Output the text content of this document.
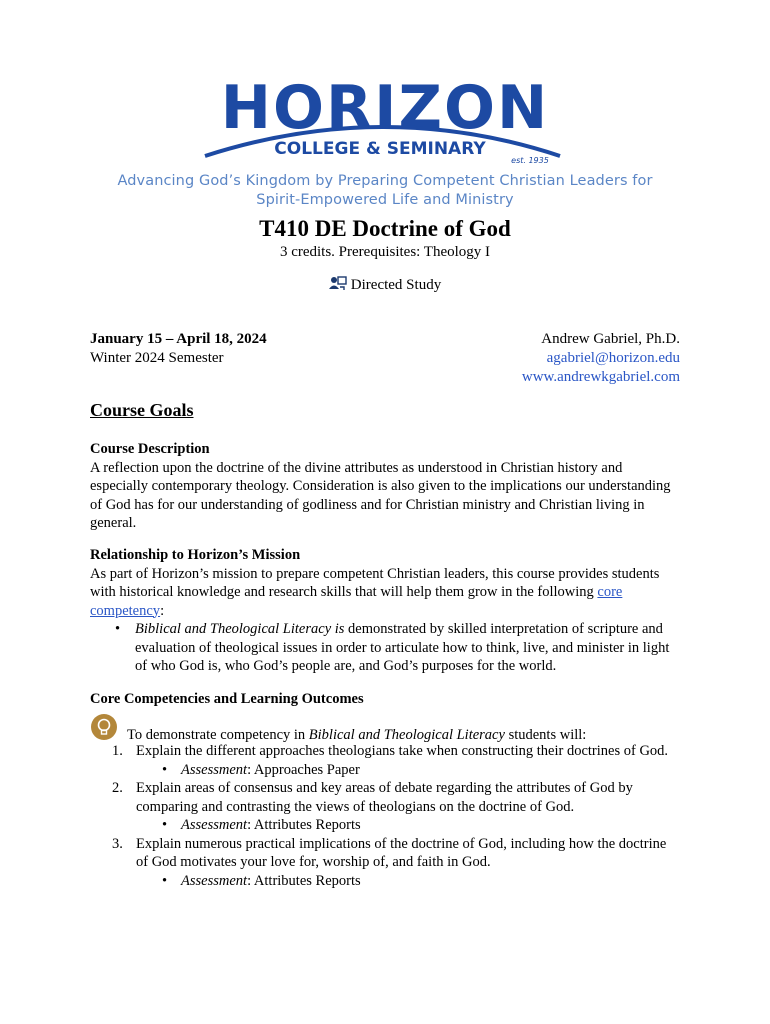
HORIZON
COLLEGE & SEMINARY
est. 1935
Advancing God’s Kingdom by Preparing Competent Christian Leaders for
Spirit-Empowered Life and Ministry
T410 DE Doctrine of God
3 credits. Prerequisites: Theology I
Directed Study
January 15 – April 18, 2024
Winter 2024 Semester
Andrew Gabriel, Ph.D.

agabriel@horizon.edu
www.andrewkgabriel.com
Course Goals
Course Description
A reflection upon the doctrine of the divine attributes as understood in Christian history and especially contemporary theology. Consideration is also given to the implications our understanding of God has for our understanding of godliness and for Christian ministry and Christian living in general.
Relationship to Horizon’s Mission
As part of Horizon’s mission to prepare competent Christian leaders, this course provides students with historical knowledge and research skills that will help them grow in the following core competency:
• Biblical and Theological Literacy is demonstrated by skilled interpretation of scripture and evaluation of theological issues in order to articulate how to think, live, and minister in light of who God is, who God’s people are, and God’s purposes for the world.
Core Competencies and Learning Outcomes
To demonstrate competency in Biblical and Theological Literacy students will:
1. Explain the different approaches theologians take when constructing their doctrines of God.
• Assessment: Approaches Paper
2. Explain areas of consensus and key areas of debate regarding the attributes of God by comparing and contrasting the views of theologians on the doctrine of God.
• Assessment: Attributes Reports
3. Explain numerous practical implications of the doctrine of God, including how the doctrine of God motivates your love for, worship of, and faith in God.
• Assessment: Attributes Reports
